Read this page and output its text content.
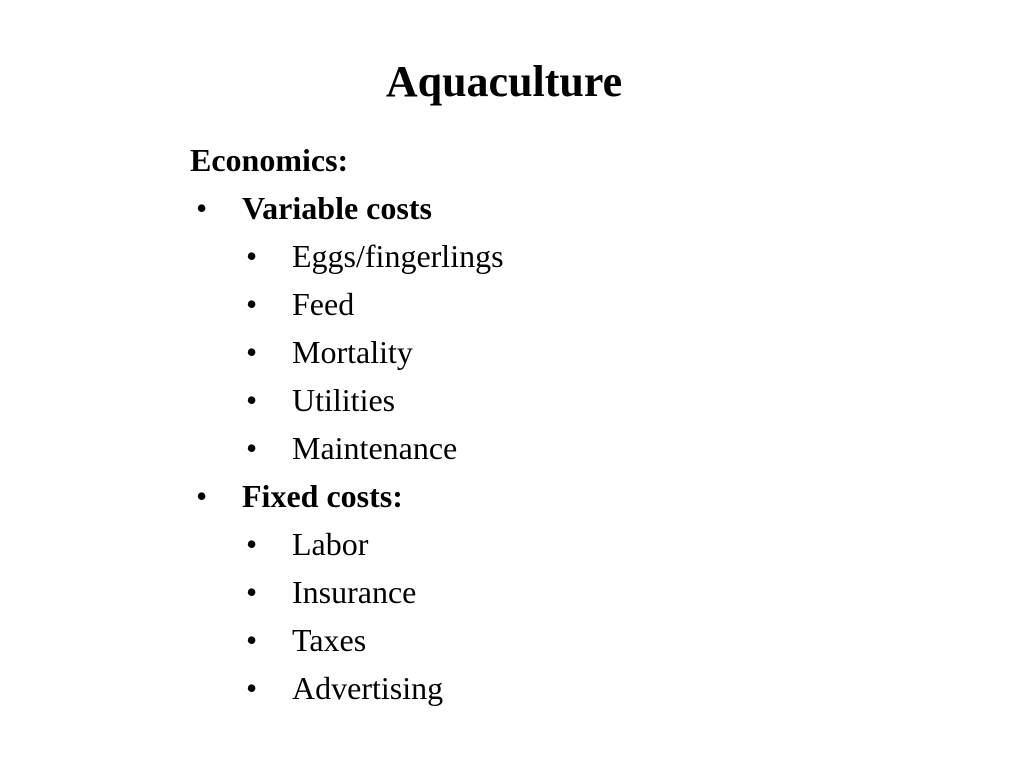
Aquaculture
Economics:
• Variable costs
• Eggs/fingerlings
• Feed
• Mortality
• Utilities
• Maintenance
• Fixed costs:
• Labor
• Insurance
• Taxes
• Advertising
